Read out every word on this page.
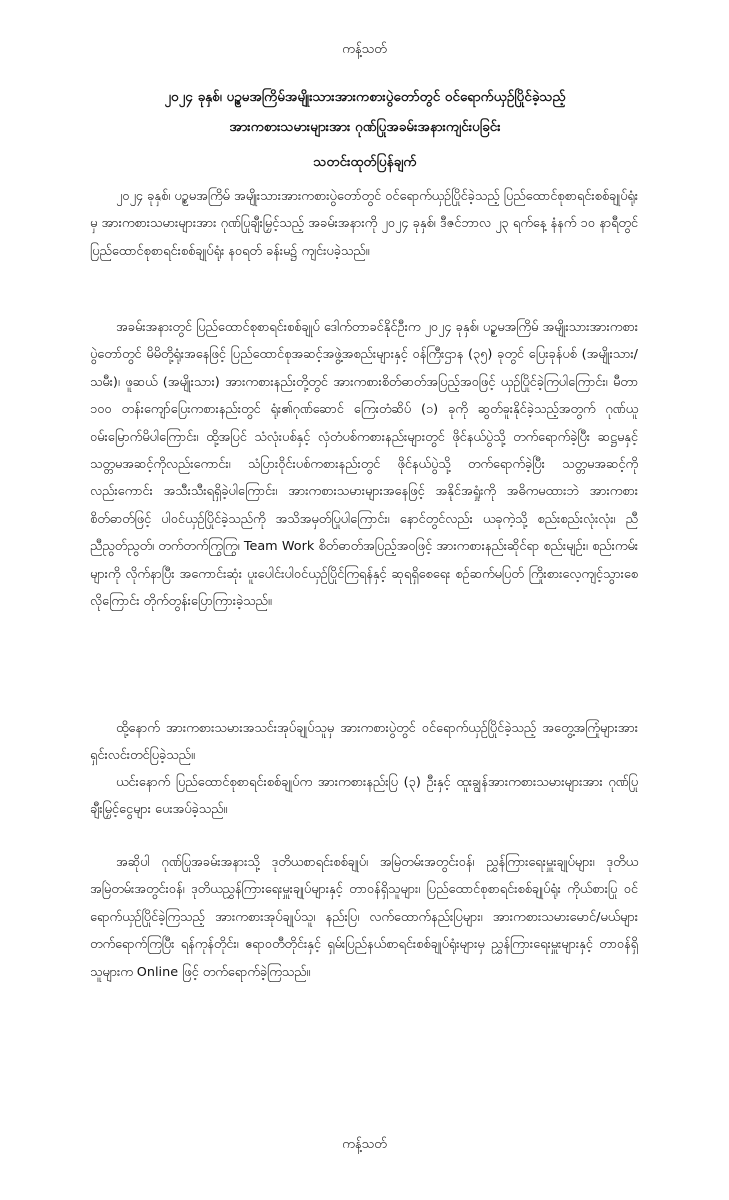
ကန့်သတ်
၂၀၂၄ ခုနှစ်၊ ပဉ္စမအကြိမ်အမျိုးသားအားကစားပွဲတော်တွင် ဝင်ရောက်ယှဉ်ပြိုင်ခဲ့သည့်
အားကစားသမားများအား ဂုဏ်ပြုအခမ်းအနားကျင်းပခြင်း
သတင်းထုတ်ပြန်ချက်

၂၀၂၄ ခုနှစ်၊ ပဉ္စမအကြိမ် အမျိုးသားအားကစားပွဲတော်တွင် ဝင်ရောက်ယှဉ်ပြိုင်ခဲ့သည့် ပြည်ထောင်စုစာရင်းစစ်ချုပ်ရုံးမှ အားကစားသမားများအား ဂုဏ်ပြုချီးမြှင့်သည့် အခမ်းအနားကို ၂၀၂၄ ခုနှစ်၊ ဒီဇင်ဘာလ ၂၃ ရက်နေ့ နံနက် ၁၀ နာရီတွင် ပြည်ထောင်စုစာရင်းစစ်ချုပ်ရုံး နဝရတ် ခန်းမ၌ ကျင်းပခဲ့သည်။

အခမ်းအနားတွင် ပြည်ထောင်စုစာရင်းစစ်ချုပ် ဒေါက်တာခင်နိုင်ဦးက ၂၀၂၄ ခုနှစ်၊ ပဉ္စမအကြိမ် အမျိုးသားအားကစားပွဲတော်တွင် မိမိတို့ရုံးအနေဖြင့် ပြည်ထောင်စုအဆင့်အဖွဲ့အစည်းများနှင့် ဝန်ကြီးဌာန (၃၅) ခုတွင် ပြေးခုန်ပစ် (အမျိုးသား/သမီး)၊ ဖူဆယ် (အမျိုးသား) အားကစားနည်းတို့တွင် အားကစားစိတ်ဓာတ်အပြည့်အဝဖြင့် ယှဉ်ပြိုင်ခဲ့ကြပါကြောင်း၊ မီတာ ၁၀၀ တန်းကျော်ပြေးကစားနည်းတွင် ရုံး၏ဂုဏ်ဆောင် ကြေးတံဆိပ် (၁) ခုကို ဆွတ်ခူးနိုင်ခဲ့သည့်အတွက် ဂုဏ်ယူဝမ်းမြောက်မိပါကြောင်း၊ ထို့အပြင် သံလုံးပစ်နှင့် လှံတံပစ်ကစားနည်းများတွင် ဖိုင်နယ်ပွဲသို့ တက်ရောက်ခဲ့ပြီး ဆဋ္ဌမနှင့် သတ္တမအဆင့်ကိုလည်းကောင်း၊ သံပြားဝိုင်းပစ်ကစားနည်းတွင် ဖိုင်နယ်ပွဲသို့ တက်ရောက်ခဲ့ပြီး သတ္တမအဆင့်ကိုလည်းကောင်း အသီးသီးရရှိခဲ့ပါကြောင်း၊ အားကစားသမားများအနေဖြင့် အနိုင်အရှုံးကို အဓိကမထားဘဲ အားကစားစိတ်ဓာတ်ဖြင့် ပါဝင်ယှဉ်ပြိုင်ခဲ့သည်ကို အသိအမှတ်ပြုပါကြောင်း၊ နောင်တွင်လည်း ယခုကဲ့သို့ စည်းစည်းလုံးလုံး၊ ညီညီညွတ်ညွတ်၊ တက်တက်ကြွကြွ၊ Team Work စိတ်ဓာတ်အပြည့်အဝဖြင့် အားကစားနည်းဆိုင်ရာ စည်းမျဉ်း၊ စည်းကမ်းများကို လိုက်နာပြီး အကောင်းဆုံး ပူးပေါင်းပါဝင်ယှဉ်ပြိုင်ကြရန်နှင့် ဆုရရှိစေရေး စဉ်ဆက်မပြတ် ကြိုးစားလေ့ကျင့်သွားစေလိုကြောင်း တိုက်တွန်းပြောကြားခဲ့သည်။

ထို့နောက် အားကစားသမားအသင်းအုပ်ချုပ်သူမှ အားကစားပွဲတွင် ဝင်ရောက်ယှဉ်ပြိုင်ခဲ့သည့် အတွေ့အကြုံများအား ရှင်းလင်းတင်ပြခဲ့သည်။

ယင်းနောက် ပြည်ထောင်စုစာရင်းစစ်ချုပ်က အားကစားနည်းပြ (၃) ဦးနှင့် ထူးချွန်အားကစားသမားများအား ဂုဏ်ပြုချီးမြှင့်ငွေများ ပေးအပ်ခဲ့သည်။

အဆိုပါ ဂုဏ်ပြုအခမ်းအနားသို့ ဒုတိယစာရင်းစစ်ချုပ်၊ အမြဲတမ်းအတွင်းဝန်၊ ညွှန်ကြားရေးမှူးချုပ်များ၊ ဒုတိယအမြဲတမ်းအတွင်းဝန်၊ ဒုတိယညွှန်ကြားရေးမှူးချုပ်များနှင့် တာဝန်ရှိသူများ၊ ပြည်ထောင်စုစာရင်းစစ်ချုပ်ရုံး ကိုယ်စားပြု ဝင်ရောက်ယှဉ်ပြိုင်ခဲ့ကြသည့် အားကစားအုပ်ချုပ်သူ၊ နည်းပြ၊ လက်ထောက်နည်းပြများ၊ အားကစားသမားမောင်/မယ်များ တက်ရောက်ကြပြီး ရန်ကုန်တိုင်း၊ ဧရာဝတီတိုင်းနှင့် ရှမ်းပြည်နယ်စာရင်းစစ်ချုပ်ရုံးများမှ ညွှန်ကြားရေးမှူးများနှင့် တာဝန်ရှိသူများက Online ဖြင့် တက်ရောက်ခဲ့ကြသည်။

ကန့်သတ်
